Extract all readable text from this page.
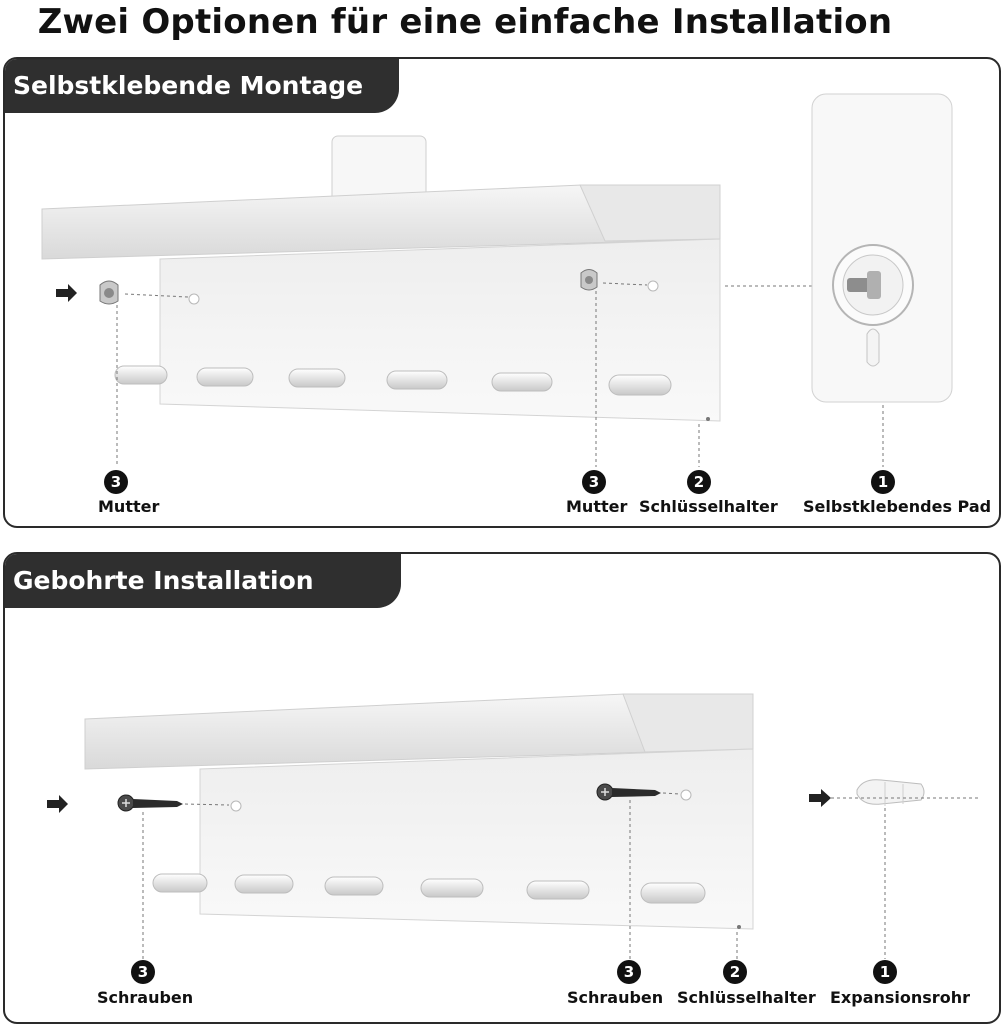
Zwei Optionen für eine einfache Installation
Selbstklebende Montage
3
Mutter
3
Mutter
2
Schlüsselhalter
1
Selbstklebendes Pad
Gebohrte Installation
3
Schrauben
3
Schrauben
2
Schlüsselhalter
1
Expansionsrohr
